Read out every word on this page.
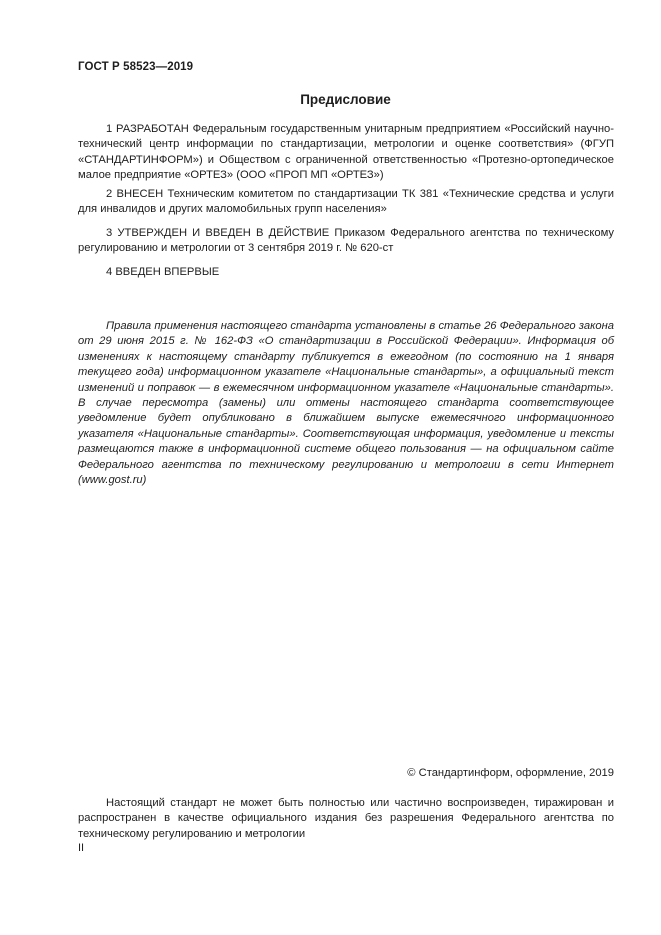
ГОСТ Р 58523—2019
Предисловие

1 РАЗРАБОТАН Федеральным государственным унитарным предприятием «Российский научно-технический центр информации по стандартизации, метрологии и оценке соответствия» (ФГУП «СТАНДАРТИНФОРМ») и Обществом с ограниченной ответственностью «Протезно-ортопедическое малое предприятие «ОРТЕЗ» (ООО «ПРОП МП «ОРТЕЗ»)

2 ВНЕСЕН Техническим комитетом по стандартизации ТК 381 «Технические средства и услуги для инвалидов и других маломобильных групп населения»

3 УТВЕРЖДЕН И ВВЕДЕН В ДЕЙСТВИЕ Приказом Федерального агентства по техническому регулированию и метрологии от 3 сентября 2019 г. № 620-ст

4 ВВЕДЕН ВПЕРВЫЕ

Правила применения настоящего стандарта установлены в статье 26 Федерального закона от 29 июня 2015 г. № 162-ФЗ «О стандартизации в Российской Федерации». Информация об изменениях к настоящему стандарту публикуется в ежегодном (по состоянию на 1 января текущего года) информационном указателе «Национальные стандарты», а официальный текст изменений и поправок — в ежемесячном информационном указателе «Национальные стандарты». В случае пересмотра (замены) или отмены настоящего стандарта соответствующее уведомление будет опубликовано в ближайшем выпуске ежемесячного информационного указателя «Национальные стандарты». Соответствующая информация, уведомление и тексты размещаются также в информационной системе общего пользования — на официальном сайте Федерального агентства по техническому регулированию и метрологии в сети Интернет (www.gost.ru)

© Стандартинформ, оформление, 2019

Настоящий стандарт не может быть полностью или частично воспроизведен, тиражирован и распространен в качестве официального издания без разрешения Федерального агентства по техническому регулированию и метрологии

II
